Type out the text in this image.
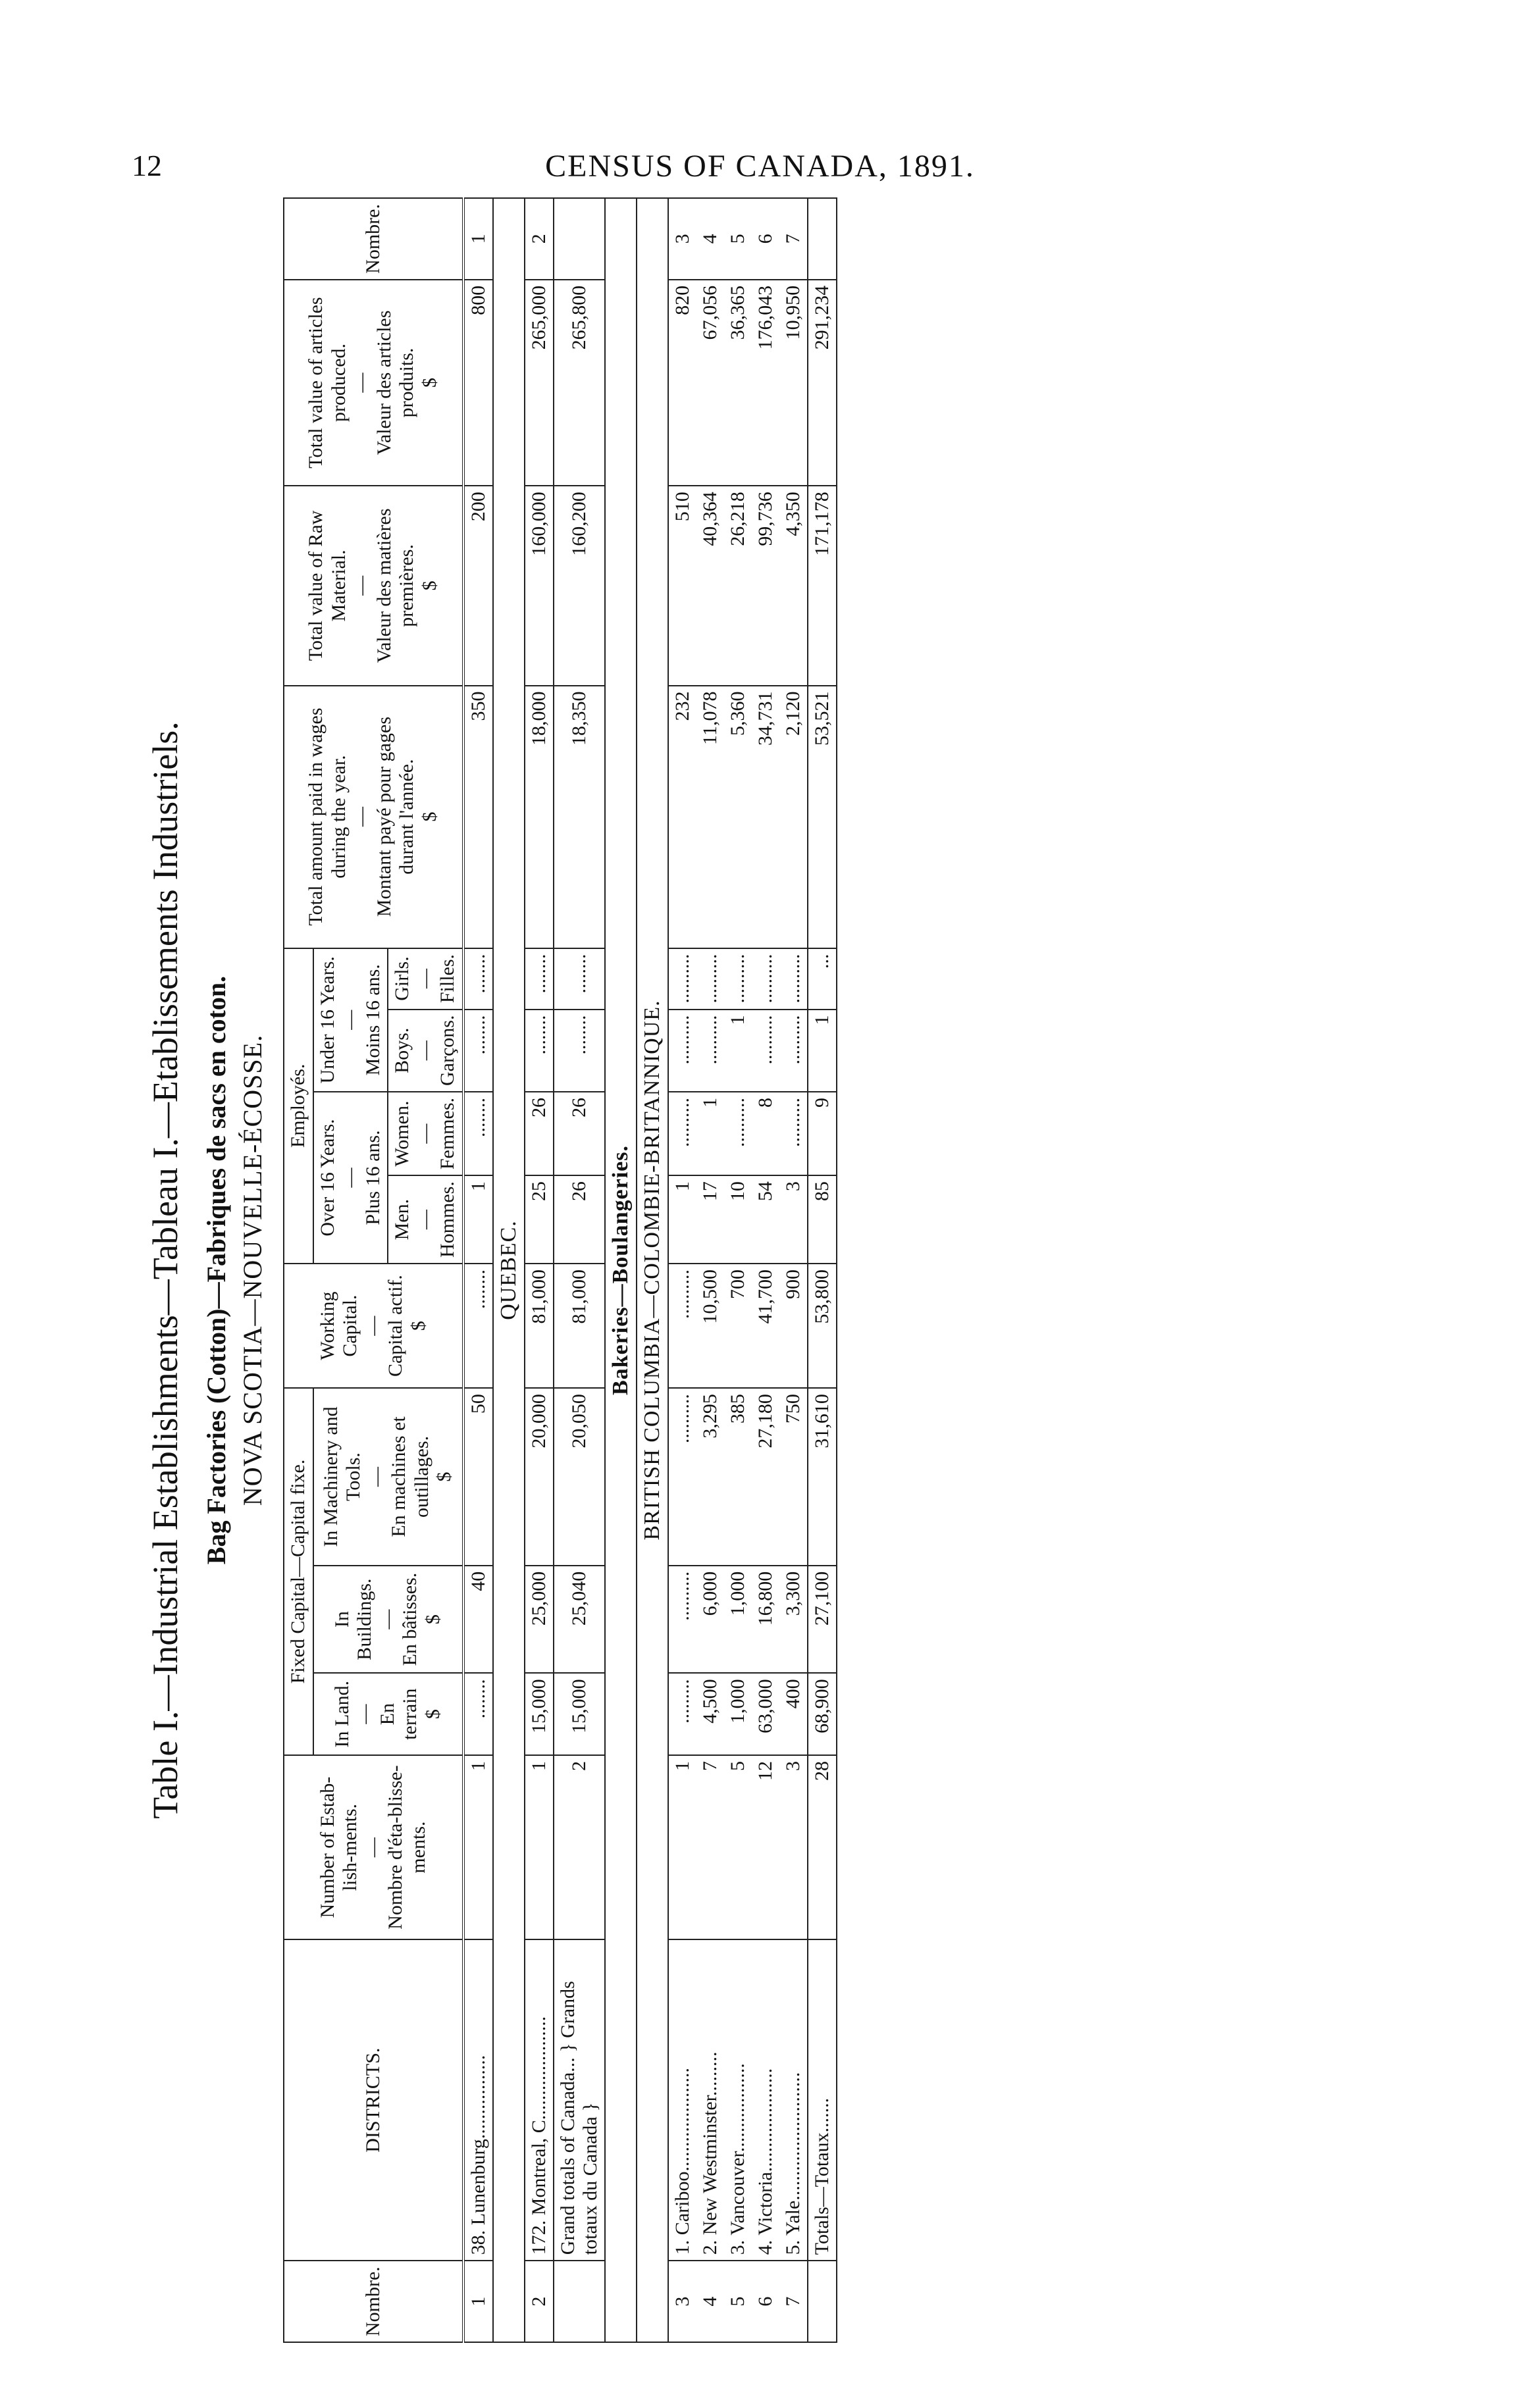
12	CENSUS OF CANADA, 1891.
Table I.—Industrial Establishments—Tableau I.—Etablissements Industriels. Bag Factories (Cotton)—Fabriques de sacs en coton. NOVA SCOTIA—NOUVELLE-ÉCOSSE.
Nombre.	DISTRICTS.	Number of Estab-lish-ments. — Nombre d'éta-blisse-ments.	Fixed Capital—Capital fixe.			Working Capital. — Capital actif. $	Employés.				Total amount paid in wages during the year. — Montant payé pour gages durant l'année. $	Total value of Raw Material. — Valeur des matières premières. $	Total value of articles produced. — Valeur des articles produits. $	Nombre.

			In Land. — En terrain $	In Buildings. — En bâtisses. $	In Machinery and Tools. — En machines et outillages. $		Over 16 Years. — Plus 16 ans.		Under 16 Years. — Moins 16 ans.					

							Men. — Hommes.	Women. — Femmes.	Boys. — Garçons.	Girls. — Filles.				

1	38. Lunenburg.................	1	........	40	50	........	1	........	........	........	350	200	800	1
QUEBEC.														
2	172. Montreal, C.....................	1	15,000	25,000	20,000	81,000	25	26	........	........	18,000	160,000	265,000	2
	Grand totals of Canada... } Grands totaux du Canada }	2	15,000	25,040	20,050	81,000	26	26	........	........	18,350	160,200	265,800	
Bakeries—Boulangeries.														
BRITISH COLUMBIA—COLOMBIE-BRITANNIQUE.														
3	1. Cariboo.....................	1	.........	..........	..........	..........	1	..........	..........	..........	232	510	820	3
4	2. New Westminster.........	7	4,500	6,000	3,295	10,500	17	1	..........	..........	11,078	40,364	67,056	4
5	3. Vancouver..................	5	1,000	1,000	385	700	10	..........	1	..........	5,360	26,218	36,365	5
6	4. Victoria.....................	12	63,000	16,800	27,180	41,700	54	8	..........	..........	34,731	99,736	176,043	6
7	5. Yale..........................	3	400	3,300	750	900	3	..........	..........	..........	2,120	4,350	10,950	7
	Totals—Totaux.......	28	68,900	27,100	31,610	53,800	85	9	1	...	53,521	171,178	291,234	
